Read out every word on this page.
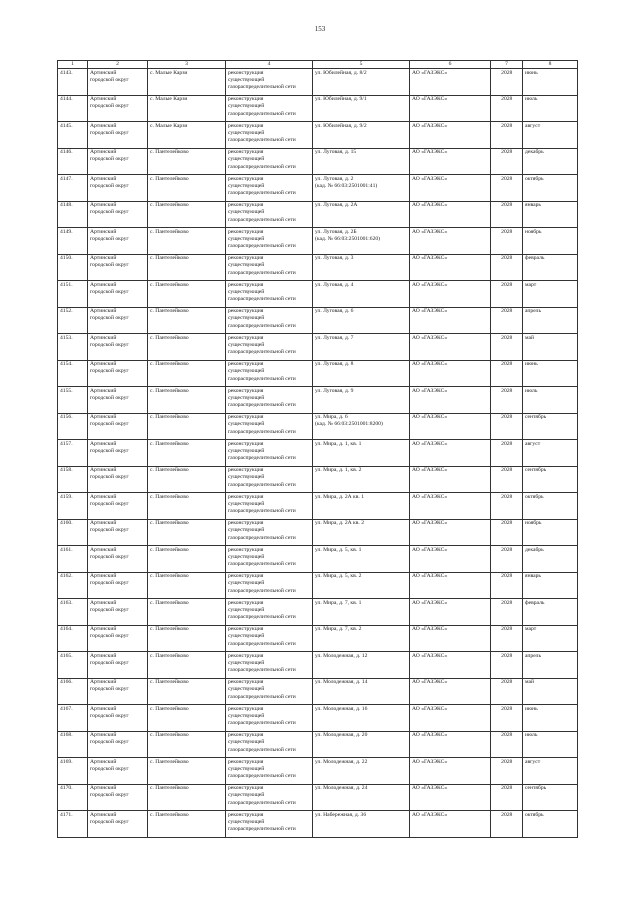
153
1	2	3	4	5	6	7	8
4143.	Артинский
городской округ	с. Малые Карзи	реконструкция
существующей
газораспределительной сети	ул. Юбилейная, д. 8/2	АО «ГАЗЭКС»	2028	июнь
4144.	Артинский
городской округ	с. Малые Карзи	реконструкция
существующей
газораспределительной сети	ул. Юбилейная, д. 9/1	АО «ГАЗЭКС»	2028	июль
4145.	Артинский
городской округ	с. Малые Карзи	реконструкция
существующей
газораспределительной сети	ул. Юбилейная, д. 9/2	АО «ГАЗЭКС»	2028	август
4146.	Артинский
городской округ	с. Пантелейково	реконструкция
существующей
газораспределительной сети	ул. Луговая, д. 15	АО «ГАЗЭКС»	2028	декабрь
4147.	Артинский
городской округ	с. Пантелейково	реконструкция
существующей
газораспределительной сети	ул. Луговая, д. 2
(кад. № 66:03:2501001:41)	АО «ГАЗЭКС»	2028	октябрь
4148.	Артинский
городской округ	с. Пантелейково	реконструкция
существующей
газораспределительной сети	ул. Луговая, д. 2А	АО «ГАЗЭКС»	2028	январь
4149.	Артинский
городской округ	с. Пантелейково	реконструкция
существующей
газораспределительной сети	ул. Луговая, д. 2Б
(кад. № 66:03:2501001:620)	АО «ГАЗЭКС»	2028	ноябрь
4150.	Артинский
городской округ	с. Пантелейково	реконструкция
существующей
газораспределительной сети	ул. Луговая, д. 3	АО «ГАЗЭКС»	2028	февраль
4151.	Артинский
городской округ	с. Пантелейково	реконструкция
существующей
газораспределительной сети	ул. Луговая, д. 4	АО «ГАЗЭКС»	2028	март
4152.	Артинский
городской округ	с. Пантелейково	реконструкция
существующей
газораспределительной сети	ул. Луговая, д. 6	АО «ГАЗЭКС»	2028	апрель
4153.	Артинский
городской округ	с. Пантелейково	реконструкция
существующей
газораспределительной сети	ул. Луговая, д. 7	АО «ГАЗЭКС»	2028	май
4154.	Артинский
городской округ	с. Пантелейково	реконструкция
существующей
газораспределительной сети	ул. Луговая, д. 8	АО «ГАЗЭКС»	2028	июнь
4155.	Артинский
городской округ	с. Пантелейково	реконструкция
существующей
газораспределительной сети	ул. Луговая, д. 9	АО «ГАЗЭКС»	2028	июль
4156.	Артинский
городской округ	с. Пантелейково	реконструкция
существующей
газораспределительной сети	ул. Мира, д. 6
(кад. № 66:03:2501001:8200)	АО «ГАЗЭКС»	2028	сентябрь
4157.	Артинский
городской округ	с. Пантелейково	реконструкция
существующей
газораспределительной сети	ул. Мира, д. 1, кв. 1	АО «ГАЗЭКС»	2028	август
4158.	Артинский
городской округ	с. Пантелейково	реконструкция
существующей
газораспределительной сети	ул. Мира, д. 1, кв. 2	АО «ГАЗЭКС»	2028	сентябрь
4159.	Артинский
городской округ	с. Пантелейково	реконструкция
существующей
газораспределительной сети	ул. Мира, д. 2А кв. 1	АО «ГАЗЭКС»	2028	октябрь
4160.	Артинский
городской округ	с. Пантелейково	реконструкция
существующей
газораспределительной сети	ул. Мира, д. 2А кв. 2	АО «ГАЗЭКС»	2028	ноябрь
4161.	Артинский
городской округ	с. Пантелейково	реконструкция
существующей
газораспределительной сети	ул. Мира, д. 5, кв. 1	АО «ГАЗЭКС»	2028	декабрь
4162.	Артинский
городской округ	с. Пантелейково	реконструкция
существующей
газораспределительной сети	ул. Мира, д. 5, кв. 2	АО «ГАЗЭКС»	2028	январь
4163.	Артинский
городской округ	с. Пантелейково	реконструкция
существующей
газораспределительной сети	ул. Мира, д. 7, кв. 1	АО «ГАЗЭКС»	2028	февраль
4164.	Артинский
городской округ	с. Пантелейково	реконструкция
существующей
газораспределительной сети	ул. Мира, д. 7, кв. 2	АО «ГАЗЭКС»	2028	март
4165.	Артинский
городской округ	с. Пантелейково	реконструкция
существующей
газораспределительной сети	ул. Молодежная, д. 12	АО «ГАЗЭКС»	2028	апрель
4166.	Артинский
городской округ	с. Пантелейково	реконструкция
существующей
газораспределительной сети	ул. Молодежная, д. 14	АО «ГАЗЭКС»	2028	май
4167.	Артинский
городской округ	с. Пантелейково	реконструкция
существующей
газораспределительной сети	ул. Молодежная, д. 16	АО «ГАЗЭКС»	2028	июнь
4168.	Артинский
городской округ	с. Пантелейково	реконструкция
существующей
газораспределительной сети	ул. Молодежная, д. 20	АО «ГАЗЭКС»	2028	июль
4169.	Артинский
городской округ	с. Пантелейково	реконструкция
существующей
газораспределительной сети	ул. Молодежная, д. 22	АО «ГАЗЭКС»	2028	август
4170.	Артинский
городской округ	с. Пантелейково	реконструкция
существующей
газораспределительной сети	ул. Молодежная, д. 24	АО «ГАЗЭКС»	2028	сентябрь
4171.	Артинский
городской округ	с. Пантелейково	реконструкция
существующей
газораспределительной сети	ул. Набережная, д. 36	АО «ГАЗЭКС»	2028	октябрь
